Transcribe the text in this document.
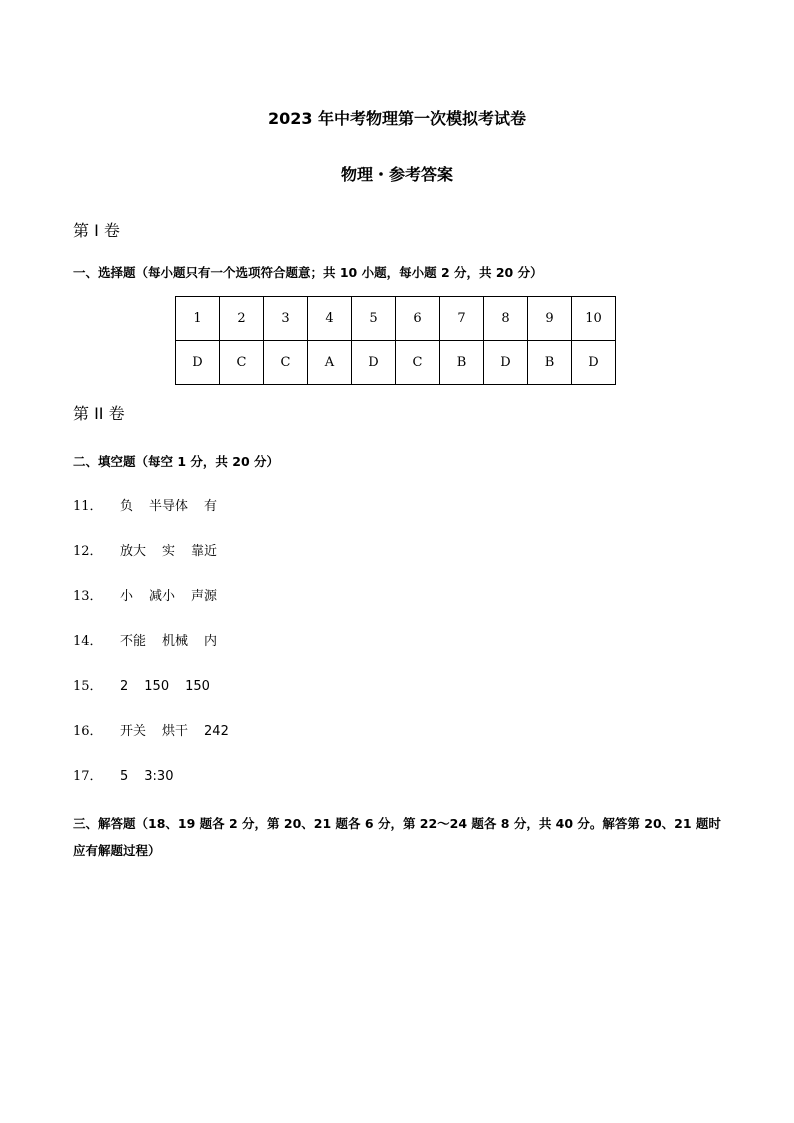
2023 年中考物理第一次模拟考试卷
物理・参考答案
第 I 卷
一、选择题（每小题只有一个选项符合题意；共 10 小题，每小题 2 分，共 20 分）
1	2	3	4	5	6	7	8	9	10
D	C	C	A	D	C	B	D	B	D
第 II 卷
二、填空题（每空 1 分，共 20 分）
11．	负 半导体 有
12．	放大 实 靠近
13．	小 减小 声源
14．	不能 机械 内
15．	2 150 150
16．	开关 烘干 242
17．	5 3:30
三、解答题（18、19 题各 2 分，第 20、21 题各 6 分，第 22～24 题各 8 分，共 40 分。解答第 20、21 题时应有解题过程）
